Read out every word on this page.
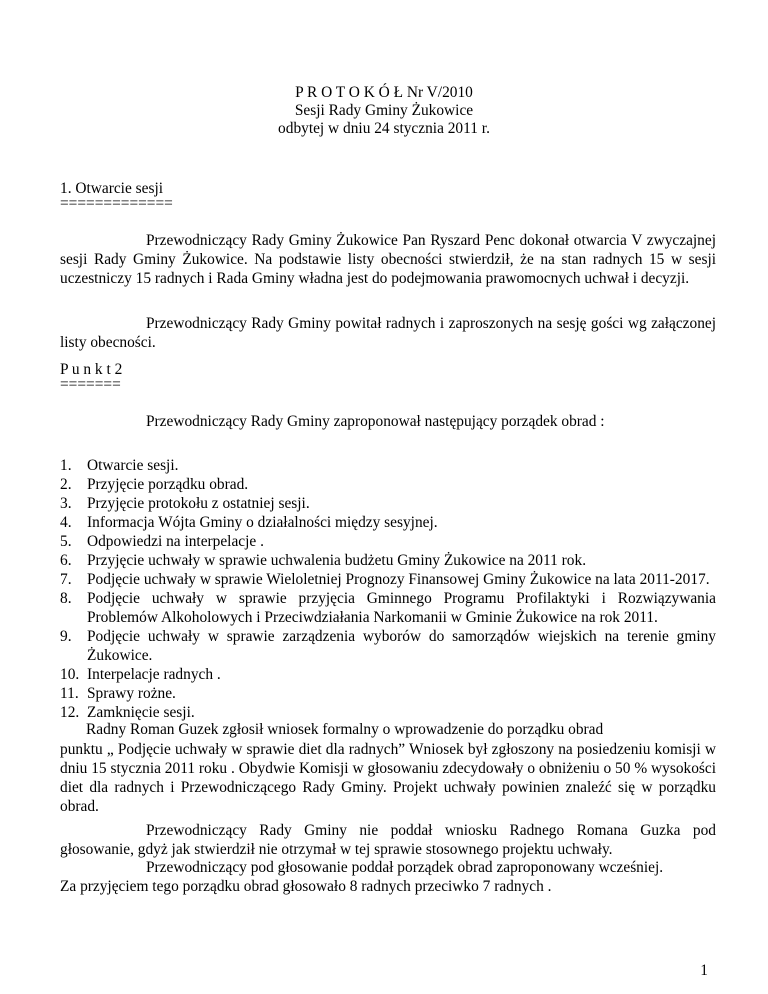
P R O T O K Ó Ł Nr V/2010
Sesji Rady Gminy Żukowice
odbytej w dniu 24 stycznia 2011 r.
1. Otwarcie sesji
=============
Przewodniczący Rady Gminy Żukowice Pan Ryszard Penc dokonał otwarcia V zwyczajnej sesji Rady Gminy Żukowice. Na podstawie listy obecności stwierdził, że na stan radnych 15 w sesji uczestniczy 15 radnych i Rada Gminy władna jest do podejmowania prawomocnych uchwał i decyzji.
Przewodniczący Rady Gminy powitał radnych i zaproszonych na sesję gości wg załączonej listy obecności.
P u n k t 2
=======
Przewodniczący Rady Gminy zaproponował następujący porządek obrad :
1. Otwarcie sesji.
2. Przyjęcie porządku obrad.
3. Przyjęcie protokołu z ostatniej sesji.
4. Informacja Wójta Gminy o działalności między sesyjnej.
5. Odpowiedzi na interpelacje .
6. Przyjęcie uchwały w sprawie uchwalenia budżetu Gminy Żukowice na 2011 rok.
7. Podjęcie uchwały w sprawie Wieloletniej Prognozy Finansowej Gminy Żukowice na lata 2011-2017.
8. Podjęcie uchwały w sprawie przyjęcia Gminnego Programu Profilaktyki i Rozwiązywania Problemów Alkoholowych i Przeciwdziałania Narkomanii w Gminie Żukowice na rok 2011.
9. Podjęcie uchwały w sprawie zarządzenia wyborów do samorządów wiejskich na terenie gminy Żukowice.
10. Interpelacje radnych .
11. Sprawy rożne.
12. Zamknięcie sesji.
Radny Roman Guzek zgłosił wniosek formalny o wprowadzenie do porządku obrad
punktu „ Podjęcie uchwały w sprawie diet dla radnych” Wniosek był zgłoszony na posiedzeniu komisji w dniu 15 stycznia 2011 roku . Obydwie Komisji w głosowaniu zdecydowały o obniżeniu o 50 % wysokości diet dla radnych i Przewodniczącego Rady Gminy. Projekt uchwały powinien znaleźć się w porządku obrad.
Przewodniczący Rady Gminy nie poddał wniosku Radnego Romana Guzka pod głosowanie, gdyż jak stwierdził nie otrzymał w tej sprawie stosownego projektu uchwały.
Przewodniczący pod głosowanie poddał porządek obrad zaproponowany wcześniej.
Za przyjęciem tego porządku obrad głosowało 8 radnych przeciwko 7 radnych .
1
